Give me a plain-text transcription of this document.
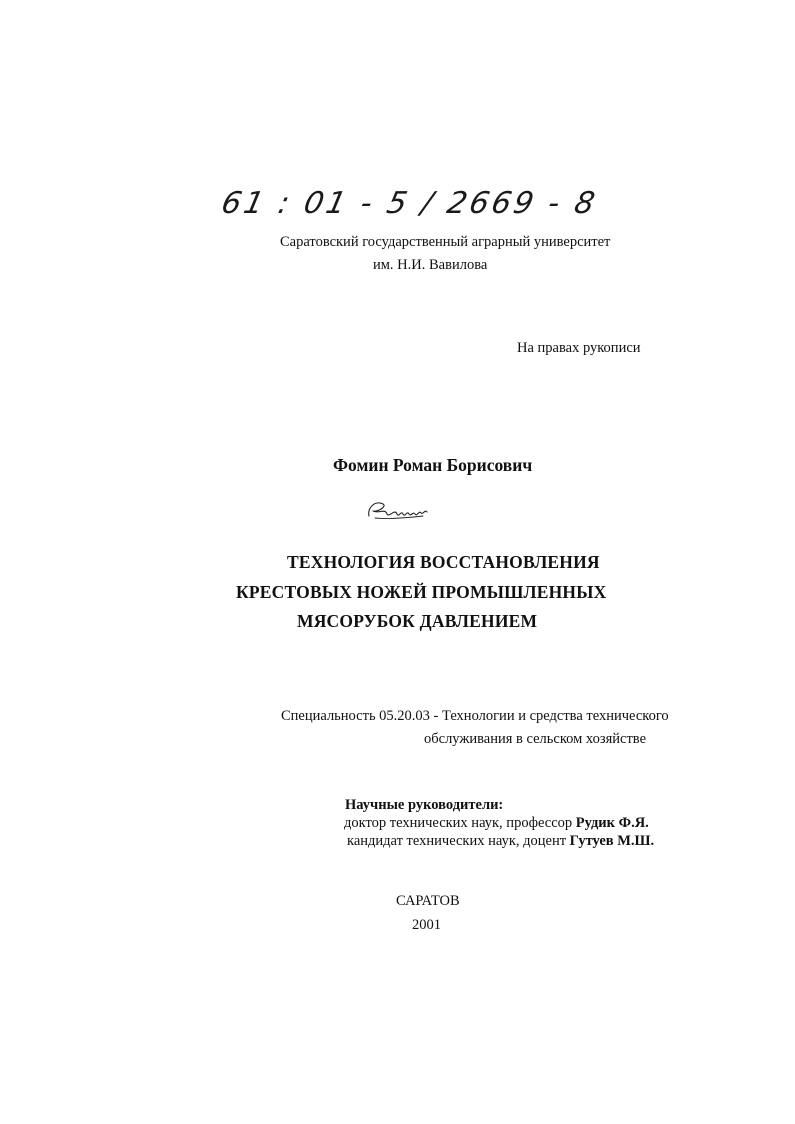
61 : 01 - 5 / 2669 - 8
Саратовский государственный аграрный университет
им. Н.И. Вавилова
На правах рукописи
Фомин Роман Борисович
ТЕХНОЛОГИЯ ВОССТАНОВЛЕНИЯ
КРЕСТОВЫХ НОЖЕЙ ПРОМЫШЛЕННЫХ
МЯСОРУБОК ДАВЛЕНИЕМ
Специальность 05.20.03 - Технологии и средства технического
обслуживания в сельском хозяйстве
Научные руководители:
доктор технических наук, профессор Рудик Ф.Я.
кандидат технических наук, доцент Гутуев М.Ш.
САРАТОВ
2001
